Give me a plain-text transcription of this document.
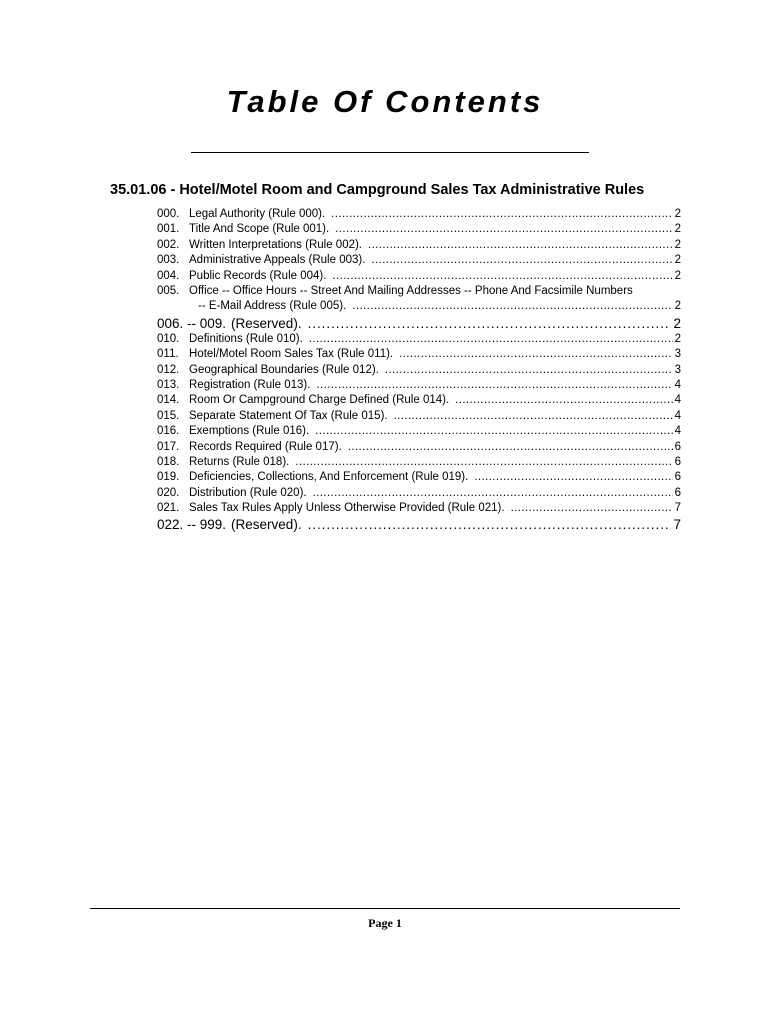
Table Of Contents
35.01.06 - Hotel/Motel Room and Campground Sales Tax Administrative Rules
000. Legal Authority (Rule 000). . . .	2
001. Title And Scope (Rule 001). . . .	2
002. Written Interpretations (Rule 002). . . .	2
003. Administrative Appeals (Rule 003). . . .	2
004. Public Records (Rule 004). . . .	2
005. Office -- Office Hours -- Street And Mailing Addresses -- Phone And Facsimile Numbers
-- E-Mail Address (Rule 005). . . .	2
006. -- 009. (Reserved). . . .	2
010. Definitions (Rule 010). . . .	2
011. Hotel/Motel Room Sales Tax (Rule 011). . . .	3
012. Geographical Boundaries (Rule 012). . . .	3
013. Registration (Rule 013). . . .	4
014. Room Or Campground Charge Defined (Rule 014). . . .	4
015. Separate Statement Of Tax (Rule 015). . . .	4
016. Exemptions (Rule 016). . . .	4
017. Records Required (Rule 017). . . .	6
018. Returns (Rule 018). . . .	6
019. Deficiencies, Collections, And Enforcement (Rule 019). . . .	6
020. Distribution (Rule 020). . . .	6
021. Sales Tax Rules Apply Unless Otherwise Provided (Rule 021). . . .	7
022. -- 999. (Reserved). . . .	7
Page 1
